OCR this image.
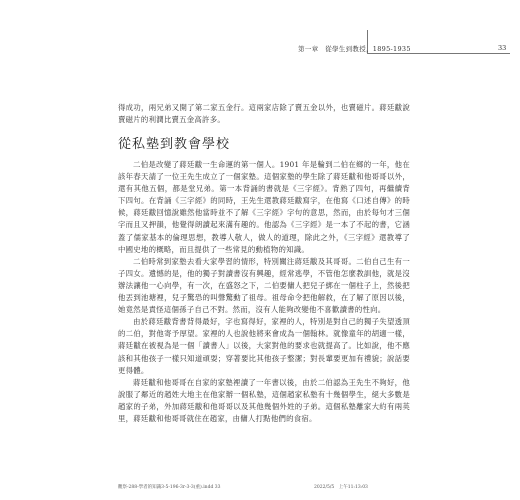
第一章　從學生到教授，1895-1935	33

得成功，兩兄弟又開了第二家五金行。這兩家店除了賣五金以外，也賣磁片。蔣廷黻說賣磁片的利潤比賣五金高許多。

從私塾到教會學校

二伯是改變了蔣廷黻一生命運的第一個人。1901 年是輪到二伯在鄉的一年，他在該年春天請了一位王先生成立了一個家塾。這個家塾的學生除了蔣廷黻和他哥哥以外，還有其他五個，都是堂兄弟。第一本背誦的書就是《三字經》。背熟了四句，再繼續背下四句。在背誦《三字經》的同時，王先生還教蔣廷黻寫字，在他寫《口述自傳》的時候，蔣廷黻回憶說雖然他當時並不了解《三字經》字句的意思，然而，由於每句才三個字而且又押韻，他覺得朗讀起來滿有趣的。他認為《三字經》是一本了不起的書，它涵蓋了儒家基本的倫理思想，教導人敬人，做人的道理，除此之外，《三字經》還教導了中國史地的概略，而且提供了一些常見的動植物的知識。

二伯時常到家塾去看大家學習的情形，特別關注蔣廷黻及其哥哥。二伯自己生有一子四女。遺憾的是，他的獨子對讀書沒有興趣，經常逃學，不管他怎麼教訓他，就是沒辦法讓他一心向學，有一次，在盛怒之下，二伯要傭人把兒子綁在一個柱子上，然後把他丟到池塘裡，兒子驚恐的叫聲驚動了祖母。祖母命令把他解救，在了解了原因以後，她竟然是責怪這個孫子自己不對。然而，沒有人能夠改變他不喜歡讀書的性向。

由於蔣廷黻背書背得最好，字也寫得好，家裡的人，特別是對自己的獨子失望透頂的二伯，對他寄予厚望。家裡的人也說他將來會成為一個翰林。就像童年的胡適一樣，蔣廷黻在被視為是一個「讀書人」以後，大家對他的要求也就提高了。比如說，他不應該和其他孩子一樣只知道頑耍；穿著要比其他孩子整潔；對長輩要更加有禮貌；說話要更得體。

蔣廷黻和他哥哥在自家的家塾裡讀了一年書以後，由於二伯認為王先生不夠好，他說服了鄰近的趙姓大地主在他家辦一個私塾，這個趙家私塾有十幾個學生，絕大多數是趙家的子弟，外加蔣廷黻和他哥哥以及其他幾個外姓的子弟。這個私塾離家大約有兩英里，蔣廷黻和他哥哥就住在趙家，由傭人打點他們的食宿。

觀察-288-學者的知識3-5-196-3r-3-3(重).indd 33	2022/5/5　上午11:13:03
